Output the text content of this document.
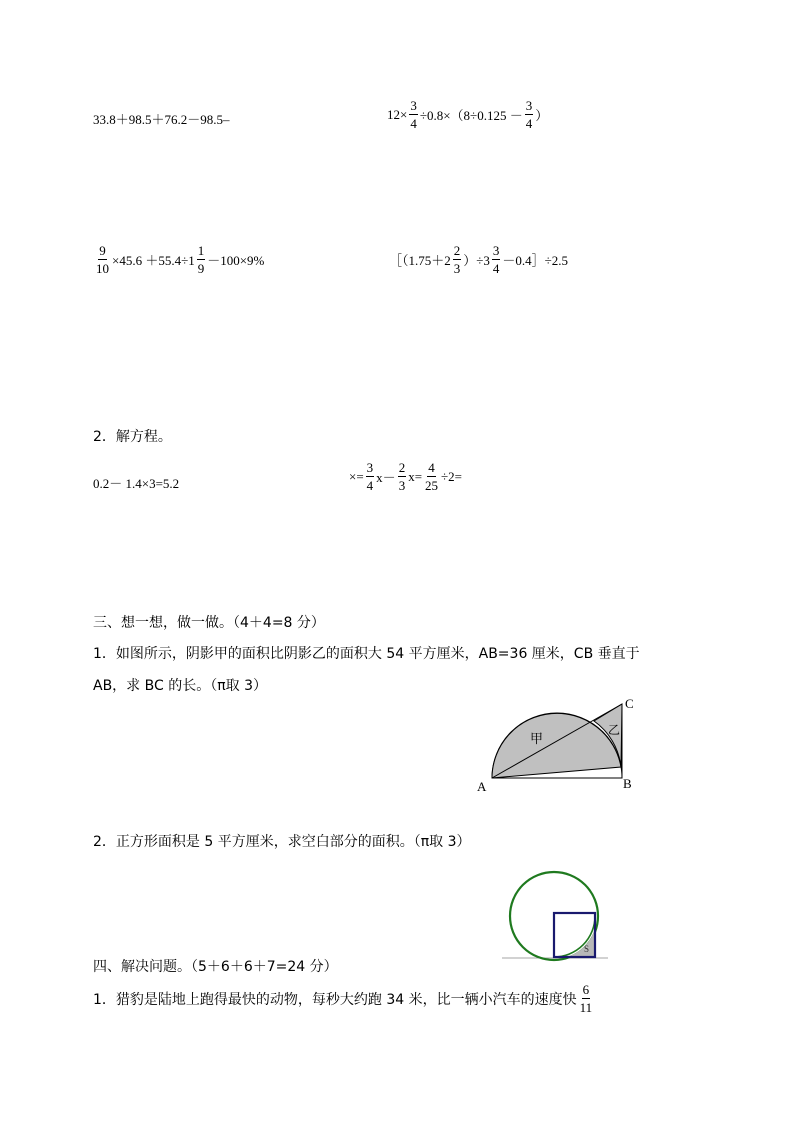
33.8＋98.5＋76.2－98.5–	$12\times \frac{3}{4} \div 0.8\times(8\div 0.125 - \frac{3}{4}$ ）
$\frac{9}{10} \times 45.6 +55.4\div 1 \frac{1}{9} -100\times 9\%$	［（1.75＋2 $\frac{2}{3} )\div 3 \frac{3}{4}$ －0.4］÷2.5
2．解方程。
0.2－ 1.4×3=5.2	×= $\frac{3}{4} x- \frac{2}{3} x= \frac{4}{25} \div 2=$
三、想一想，做一做。（4＋4=8 分）
1．如图所示，阴影甲的面积比阴影乙的面积大 54 平方厘米，AB=36 厘米，CB 垂直于
AB，求 BC 的长。（π取 3）
甲
乙
A	B
C
2．正方形面积是 5 平方厘米，求空白部分的面积。（π取 3）
S
四、解决问题。（5＋6＋6＋7=24 分）
1．猎豹是陆地上跑得最快的动物，每秒大约跑 34 米，比一辆小汽车的速度快 $\frac{6}{11}$
